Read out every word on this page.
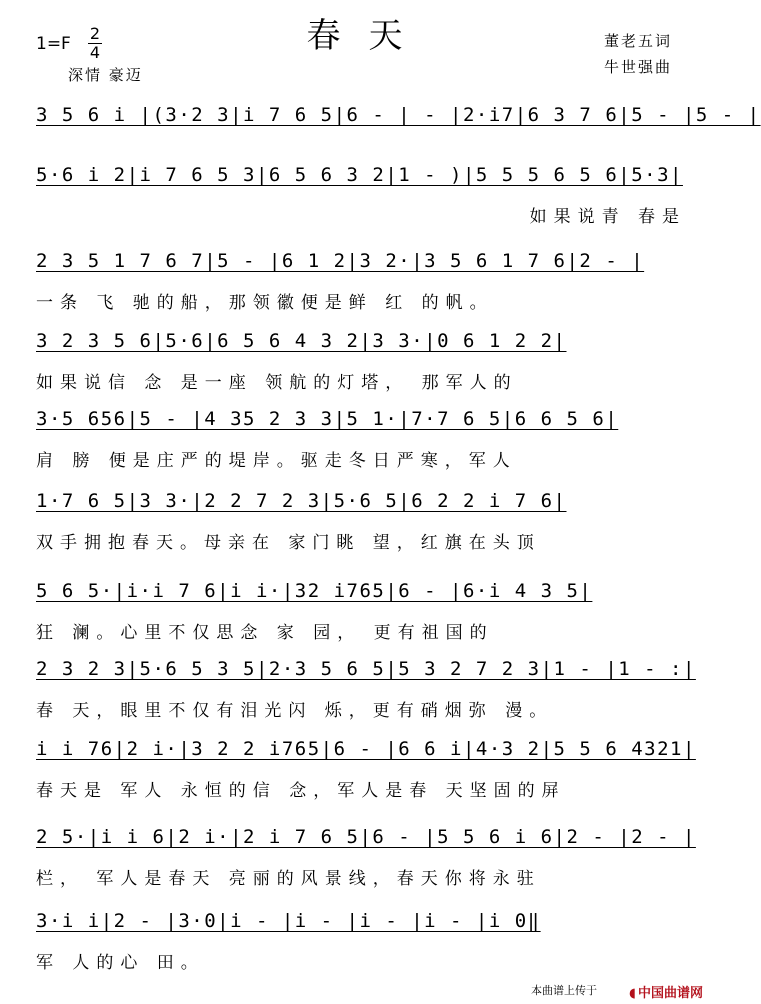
春天
1=F
2
4
深情 豪迈
董老五词
牛世强曲
3 5 6 i |(3·2 3|i 7 6 5|6 - | - |2·i7|6 3 7 6|5 - |5 - |
5·6 i 2|i 7 6 5 3|6 5 6 3 2|1 - )|5 5 5 6 5 6|5·3|
如果说青 春是
2 3 5 1 7 6 7|5 - |6 1 2|3 2·|3 5 6 1 7 6|2 - |
一条 飞 驰的船，那领徽便是鲜 红 的帆。
3 2 3 5 6|5·6|6 5 6 4 3 2|3 3·|0 6 1 2 2|
如果说信 念 是一座 领航的灯塔， 那军人的
3·5 656|5 - |4 35 2 3 3|5 1·|7·7 6 5|6 6 5 6|
肩 膀 便是庄严的堤岸。驱走冬日严寒，军人
1·7 6 5|3 3·|2 2 7 2 3|5·6 5|6 2 2 i 7 6|
双手拥抱春天。母亲在 家门眺 望，红旗在头顶
5 6 5·|i·i 7 6|i i·|32 i765|6 - |6·i 4 3 5|
狂 澜。心里不仅思念 家 园， 更有祖国的
2 3 2 3|5·6 5 3 5|2·3 5 6 5|5 3 2 7 2 3|1 - |1 - :|
春 天，眼里不仅有泪光闪 烁，更有硝烟弥 漫。
i i 76|2 i·|3 2 2 i765|6 - |6 6 i|4·3 2|5 5 6 4321|
春天是 军人 永恒的信 念，军人是春 天坚固的屏
2 5·|i i 6|2 i·|2 i 7 6 5|6 - |5 5 6 i 6|2 - |2 - |
栏， 军人是春天 亮丽的风景线，春天你将永驻
3·i i|2 - |3·0|i - |i - |i - |i - |i 0‖
军 人的心 田。
本曲谱上传于 ◖ 中国曲谱网
